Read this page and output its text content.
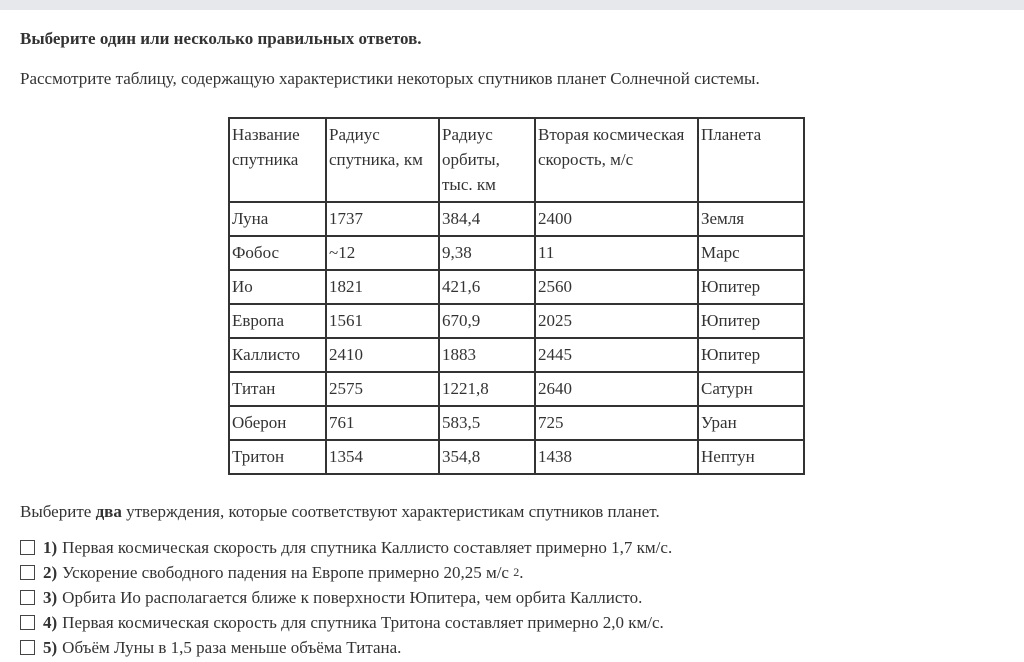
Выберите один или несколько правильных ответов.
Рассмотрите таблицу, содержащую характеристики некоторых спутников планет Солнечной системы.
Название спутника	Радиус спутника, км	Радиус орбиты, тыс. км	Вторая космическая скорость, м/с	Планета
Луна	1737	384,4	2400	Земля
Фобос	~12	9,38	11	Марс
Ио	1821	421,6	2560	Юпитер
Европа	1561	670,9	2025	Юпитер
Каллисто	2410	1883	2445	Юпитер
Титан	2575	1221,8	2640	Сатурн
Оберон	761	583,5	725	Уран
Тритон	1354	354,8	1438	Нептун
Выберите два утверждения, которые соответствуют характеристикам спутников планет.
1) Первая космическая скорость для спутника Каллисто составляет примерно 1,7 км/с.
2) Ускорение свободного падения на Европе примерно 20,25 м/с
2 .
3) Орбита Ио располагается ближе к поверхности Юпитера, чем орбита Каллисто.
4) Первая космическая скорость для спутника Тритона составляет примерно 2,0 км/с.
5) Объём Луны в 1,5 раза меньше объёма Титана.
